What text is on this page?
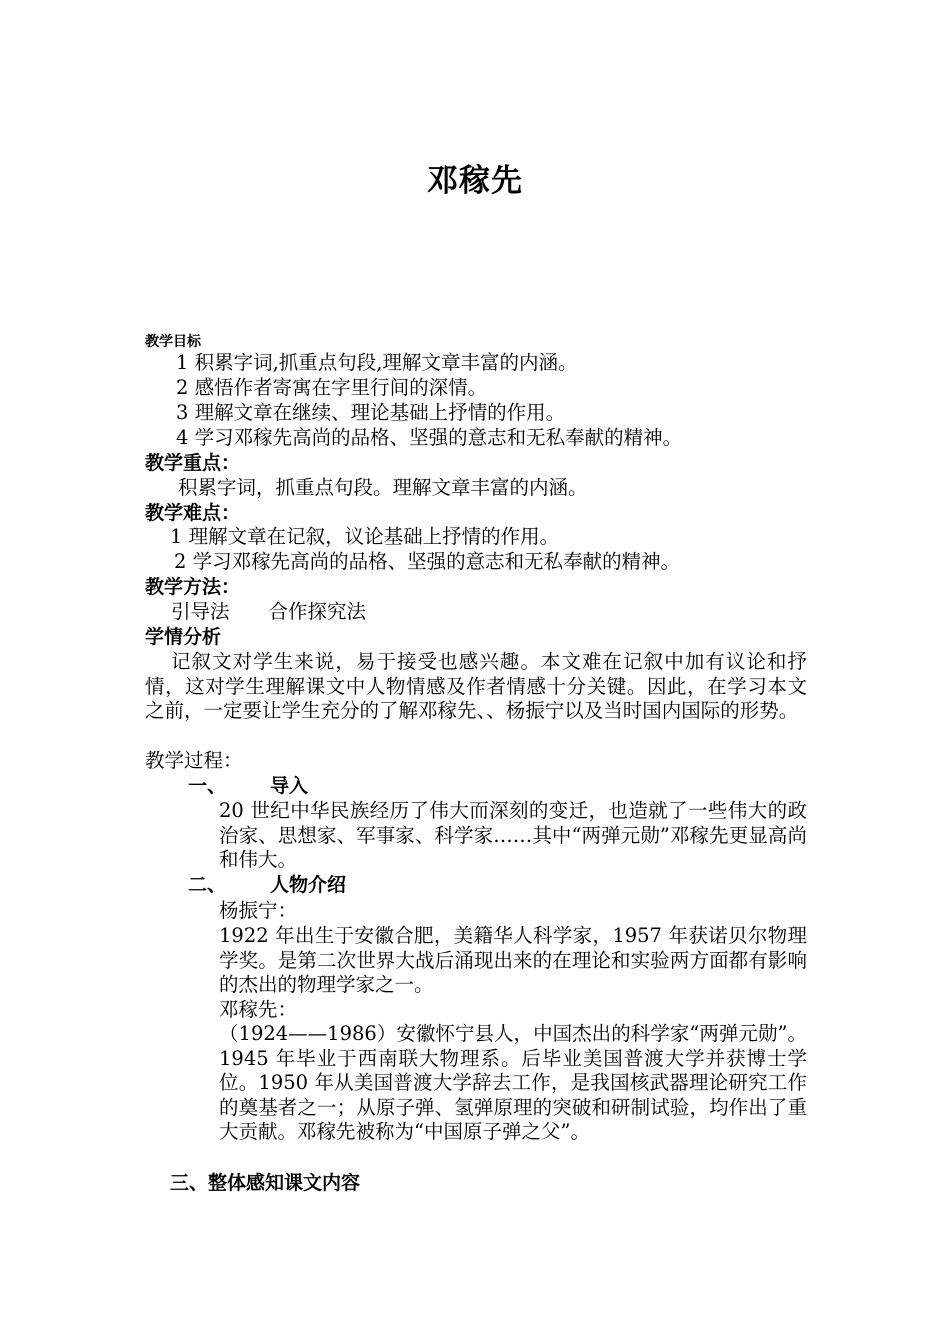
邓稼先
教学目标
1 积累字词,抓重点句段,理解文章丰富的内涵。
2 感悟作者寄寓在字里行间的深情。
3 理解文章在继续、理论基础上抒情的作用。
4 学习邓稼先高尚的品格、坚强的意志和无私奉献的精神。
教学重点：
积累字词，抓重点句段。理解文章丰富的内涵。
教学难点：
1 理解文章在记叙，议论基础上抒情的作用。
2 学习邓稼先高尚的品格、坚强的意志和无私奉献的精神。
教学方法：
引导法　　合作探究法
学情分析
记叙文对学生来说，易于接受也感兴趣。本文难在记叙中加有议论和抒情，这对学生理解课文中人物情感及作者情感十分关键。因此，在学习本文之前，一定要让学生充分的了解邓稼先、、杨振宁以及当时国内国际的形势。
教学过程：
一、 导入
20 世纪中华民族经历了伟大而深刻的变迁，也造就了一些伟大的政治家、思想家、军事家、科学家……其中“两弹元勋”邓稼先更显高尚和伟大。
二、 人物介绍
杨振宁：
1922 年出生于安徽合肥，美籍华人科学家，1957 年获诺贝尔物理学奖。是第二次世界大战后涌现出来的在理论和实验两方面都有影响的杰出的物理学家之一。
邓稼先：
（1924——1986）安徽怀宁县人，中国杰出的科学家“两弹元勋”。1945 年毕业于西南联大物理系。后毕业美国普渡大学并获博士学位。1950 年从美国普渡大学辞去工作，是我国核武器理论研究工作的奠基者之一；从原子弹、氢弹原理的突破和研制试验，均作出了重大贡献。邓稼先被称为“中国原子弹之父”。
三、整体感知课文内容
